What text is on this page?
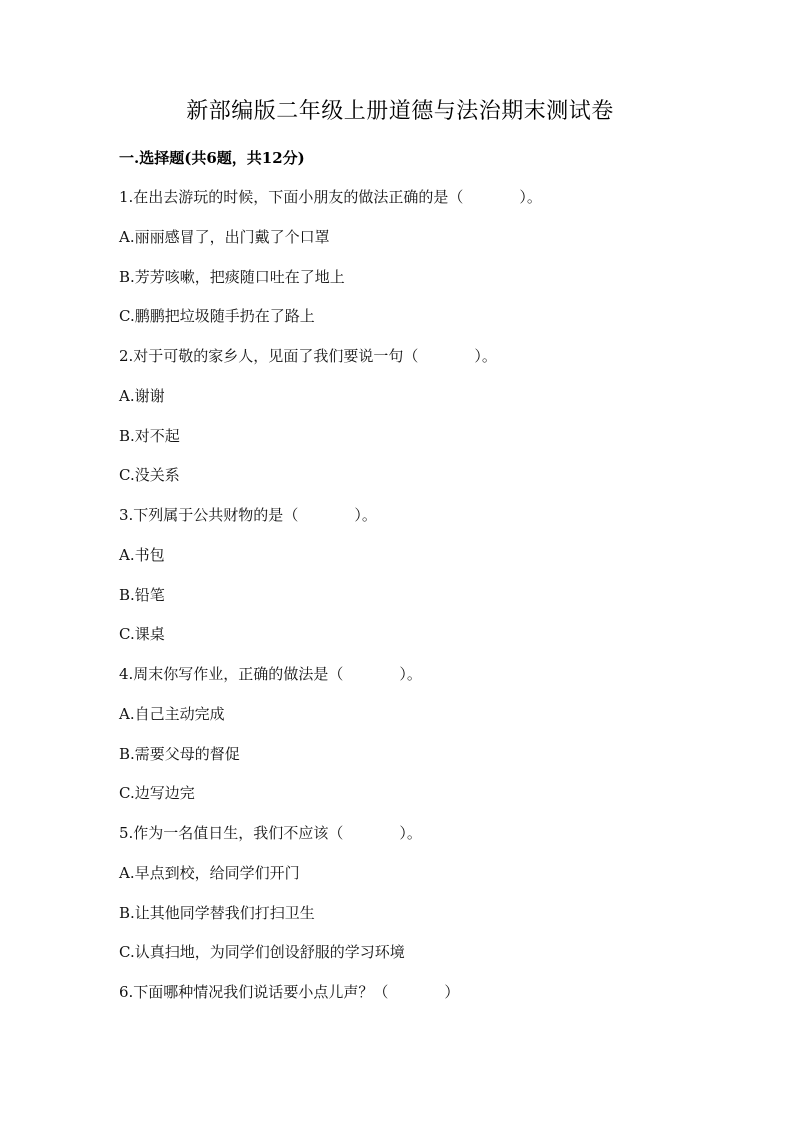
新部编版二年级上册道德与法治期末测试卷
一.选择题(共6题，共12分)
1.在出去游玩的时候，下面小朋友的做法正确的是（	）。
A.丽丽感冒了，出门戴了个口罩
B.芳芳咳嗽，把痰随口吐在了地上
C.鹏鹏把垃圾随手扔在了路上
2.对于可敬的家乡人，见面了我们要说一句（	）。
A.谢谢
B.对不起
C.没关系
3.下列属于公共财物的是（	）。
A.书包
B.铅笔
C.课桌
4.周末你写作业，正确的做法是（	）。
A.自己主动完成
B.需要父母的督促
C.边写边完
5.作为一名值日生，我们不应该（	）。
A.早点到校，给同学们开门
B.让其他同学替我们打扫卫生
C.认真扫地，为同学们创设舒服的学习环境
6.下面哪种情况我们说话要小点儿声？（	）
